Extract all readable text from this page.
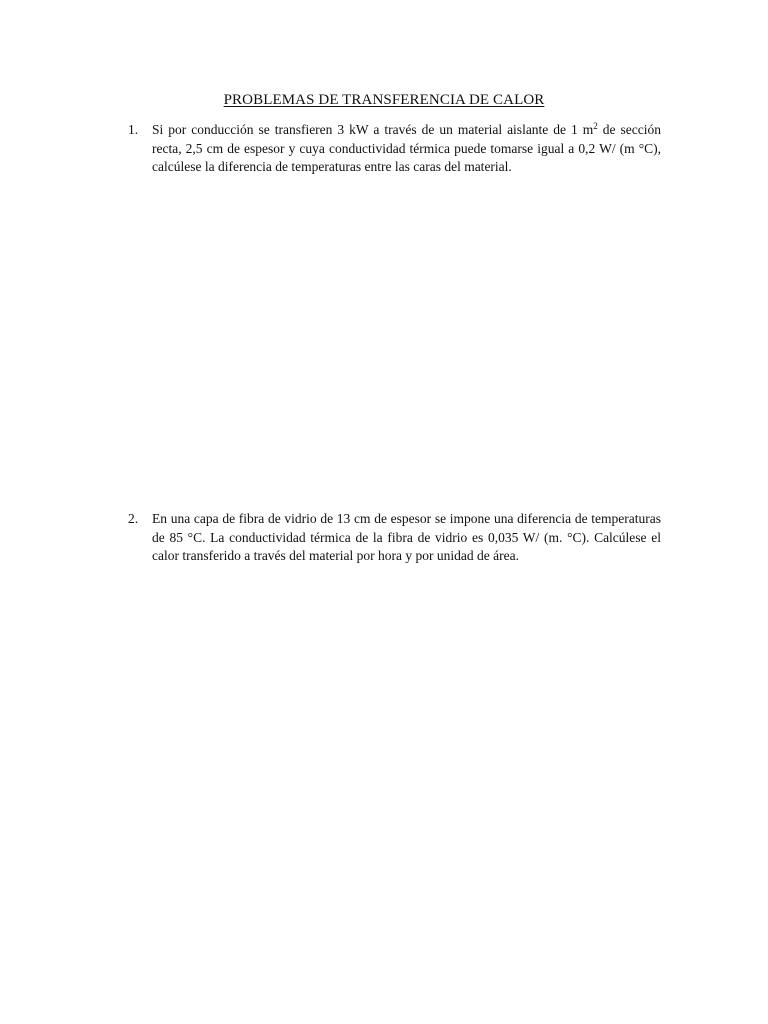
PROBLEMAS DE TRANSFERENCIA DE CALOR
1. Si por conducción se transfieren 3 kW a través de un material aislante de 1 $m^2$ de sección recta, 2,5 cm de espesor y cuya conductividad térmica puede tomarse igual a 0,2 W/ (m °C), calcúlese la diferencia de temperaturas entre las caras del material.
2. En una capa de fibra de vidrio de 13 cm de espesor se impone una diferencia de temperaturas de 85 °C. La conductividad térmica de la fibra de vidrio es 0,035 W/ (m. °C). Calcúlese el calor transferido a través del material por hora y por unidad de área.
